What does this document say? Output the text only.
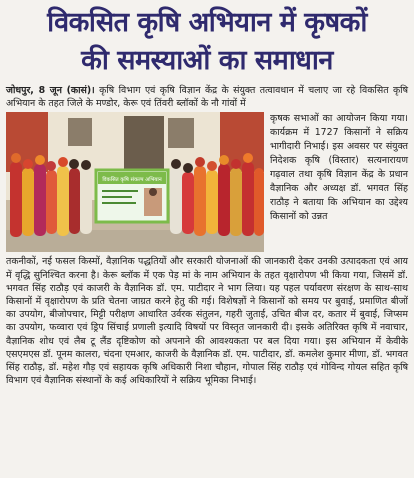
विकसित कृषि अभियान में कृषकों
की समस्याओं का समाधान
जोधपुर, 8 जून (कासं)। कृषि विभाग एवं कृषि विज्ञान केंद्र के संयुक्त तत्वावधान में चलाए जा रहे विकसित कृषि अभियान के तहत जिले के मण्डोर, केरू एवं तिंवरी ब्लॉकों के नौ गांवों में
विकसित कृषि संकल्प अभियान
कृषक सभाओं का आयोजन किया गया। कार्यक्रम में 1727 किसानों ने सक्रिय भागीदारी निभाई। इस अवसर पर संयुक्त निदेशक कृषि (विस्तार) सत्यनारायण गढ़वाल तथा कृषि विज्ञान केंद्र के प्रधान वैज्ञानिक और अध्यक्ष डॉ. भगवत सिंह राठौड़ ने बताया कि अभियान का उद्देश्य किसानों को उन्नत
तकनीकों, नई फसल किस्मों, वैज्ञानिक पद्धतियों और सरकारी योजनाओं की जानकारी देकर उनकी उत्पादकता एवं आय में वृद्धि सुनिश्चित करना है। केरू ब्लॉक में एक पेड़ मां के नाम अभियान के तहत वृक्षारोपण भी किया गया, जिसमें डॉ. भगवत सिंह राठौड़ एवं काजरी के वैज्ञानिक डॉ. एम. पाटीदार ने भाग लिया। यह पहल पर्यावरण संरक्षण के साथ-साथ किसानों में वृक्षारोपण के प्रति चेतना जाग्रत करने हेतु की गई। विशेषज्ञों ने किसानों को समय पर बुवाई, प्रमाणित बीजों का उपयोग, बीजोपचार, मिट्टी परीक्षण आधारित उर्वरक संतुलन, गहरी जुताई, उचित बीज दर, कतार में बुवाई, जिप्सम का उपयोग, फव्वारा एवं ड्रिप सिंचाई प्रणाली इत्यादि विषयों पर विस्तृत जानकारी दी। इसके अतिरिक्त कृषि में नवाचार, वैज्ञानिक शोध एवं लैब टू लैंड दृष्टिकोण को अपनाने की आवश्यकता पर बल दिया गया। इस अभियान में केवीके एसएमएस डॉ. पूनम कालरा, चंदना एमआर, काजरी के वैज्ञानिक डॉ. एम. पाटीदार, डॉ. कमलेश कुमार मीणा, डॉ. भगवत सिंह राठौड़, डॉ. महेश गौड़ एवं सहायक कृषि अधिकारी निशा चौहान, गोपाल सिंह राठौड़ एवं गोविन्द गोयल सहित कृषि विभाग एवं वैज्ञानिक संस्थानों के कई अधिकारियों ने सक्रिय भूमिका निभाई।
